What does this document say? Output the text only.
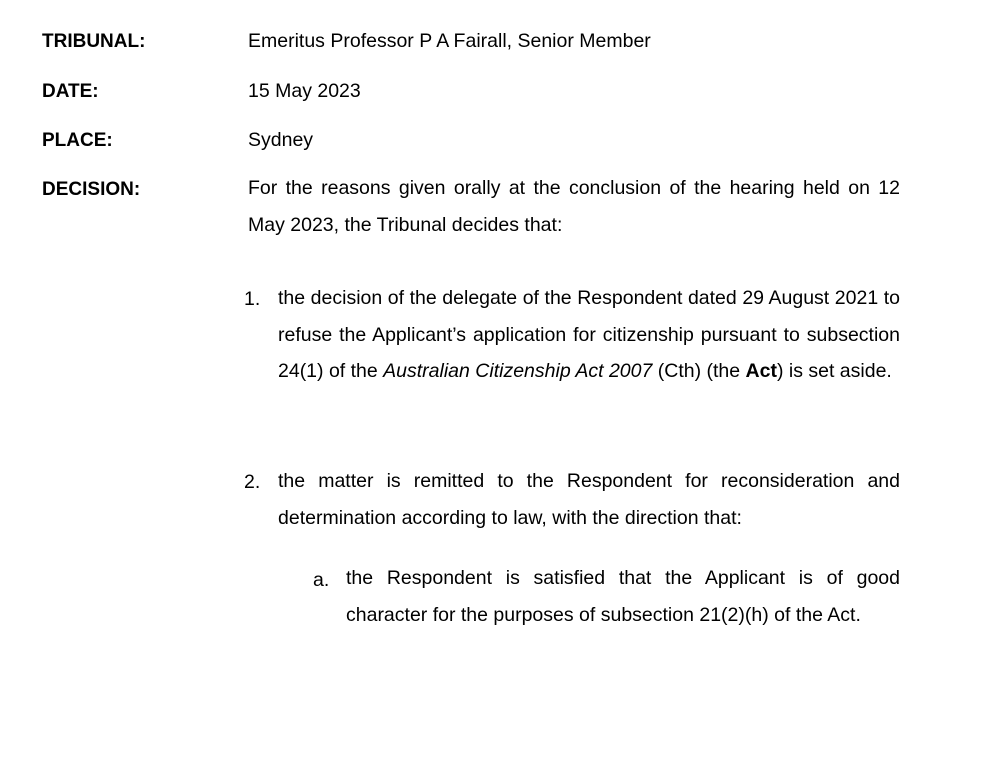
TRIBUNAL:	Emeritus Professor P A Fairall, Senior Member
DATE:	15 May 2023
PLACE:	Sydney
DECISION:	For the reasons given orally at the conclusion of the hearing held on 12 May 2023, the Tribunal decides that:
1. the decision of the delegate of the Respondent dated 29 August 2021 to refuse the Applicant’s application for citizenship pursuant to subsection 24(1) of the Australian Citizenship Act 2007 (Cth) (the Act) is set aside.
2. the matter is remitted to the Respondent for reconsideration and determination according to law, with the direction that:
a. the Respondent is satisfied that the Applicant is of good character for the purposes of subsection 21(2)(h) of the Act.
